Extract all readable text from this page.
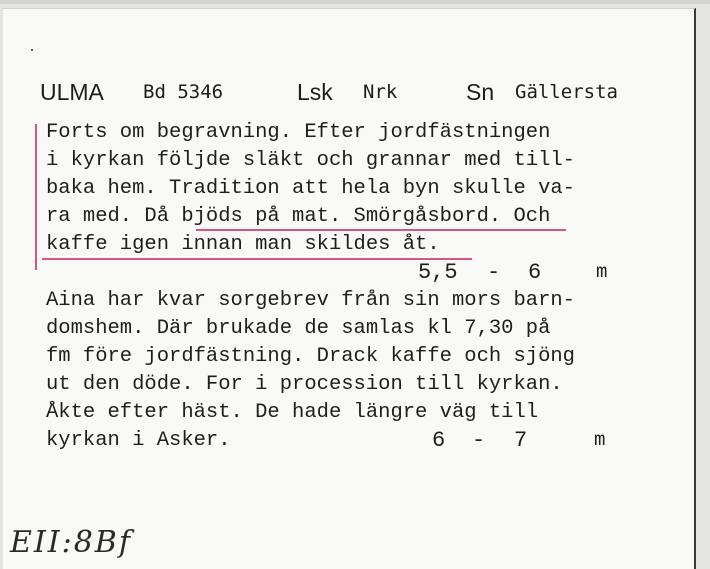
ULMA Bd 5346	Lsk Nrk	Sn Gällersta
Forts om begravning. Efter jordfästningen
i kyrkan följde släkt och grannar med till-
baka hem. Tradition att hela byn skulle va-
ra med. Då bjöds på mat. Smörgåsbord. Och
kaffe igen innan man skildes åt.
5,5 - 6	m
Aina har kvar sorgebrev från sin mors barn-
domshem. Där brukade de samlas kl 7,30 på
fm före jordfästning. Drack kaffe och sjöng
ut den döde. For i procession till kyrkan.
Åkte efter häst. De hade längre väg till
kyrkan i Asker.	6 - 7	m
EII:8Bf
